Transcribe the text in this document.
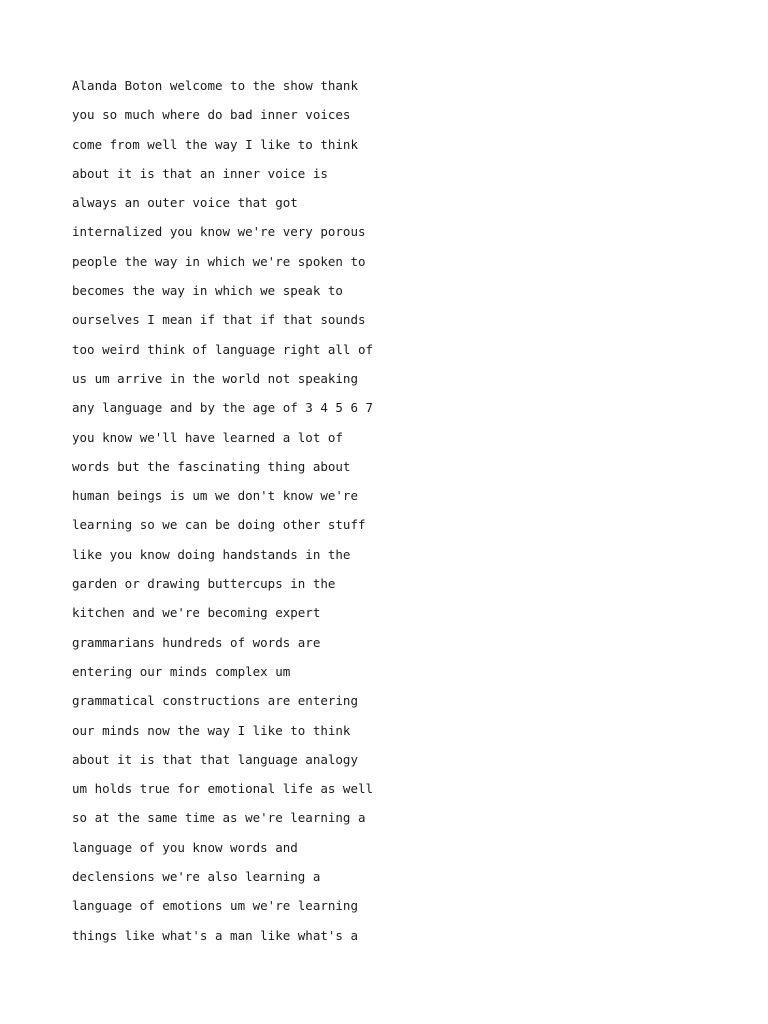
Alanda Boton welcome to the show thank
you so much where do bad inner voices
come from well the way I like to think
about it is that an inner voice is
always an outer voice that got
internalized you know we're very porous
people the way in which we're spoken to
becomes the way in which we speak to
ourselves I mean if that if that sounds
too weird think of language right all of
us um arrive in the world not speaking
any language and by the age of 3 4 5 6 7
you know we'll have learned a lot of
words but the fascinating thing about
human beings is um we don't know we're
learning so we can be doing other stuff
like you know doing handstands in the
garden or drawing buttercups in the
kitchen and we're becoming expert
grammarians hundreds of words are
entering our minds complex um
grammatical constructions are entering
our minds now the way I like to think
about it is that that language analogy
um holds true for emotional life as well
so at the same time as we're learning a
language of you know words and
declensions we're also learning a
language of emotions um we're learning
things like what's a man like what's a
